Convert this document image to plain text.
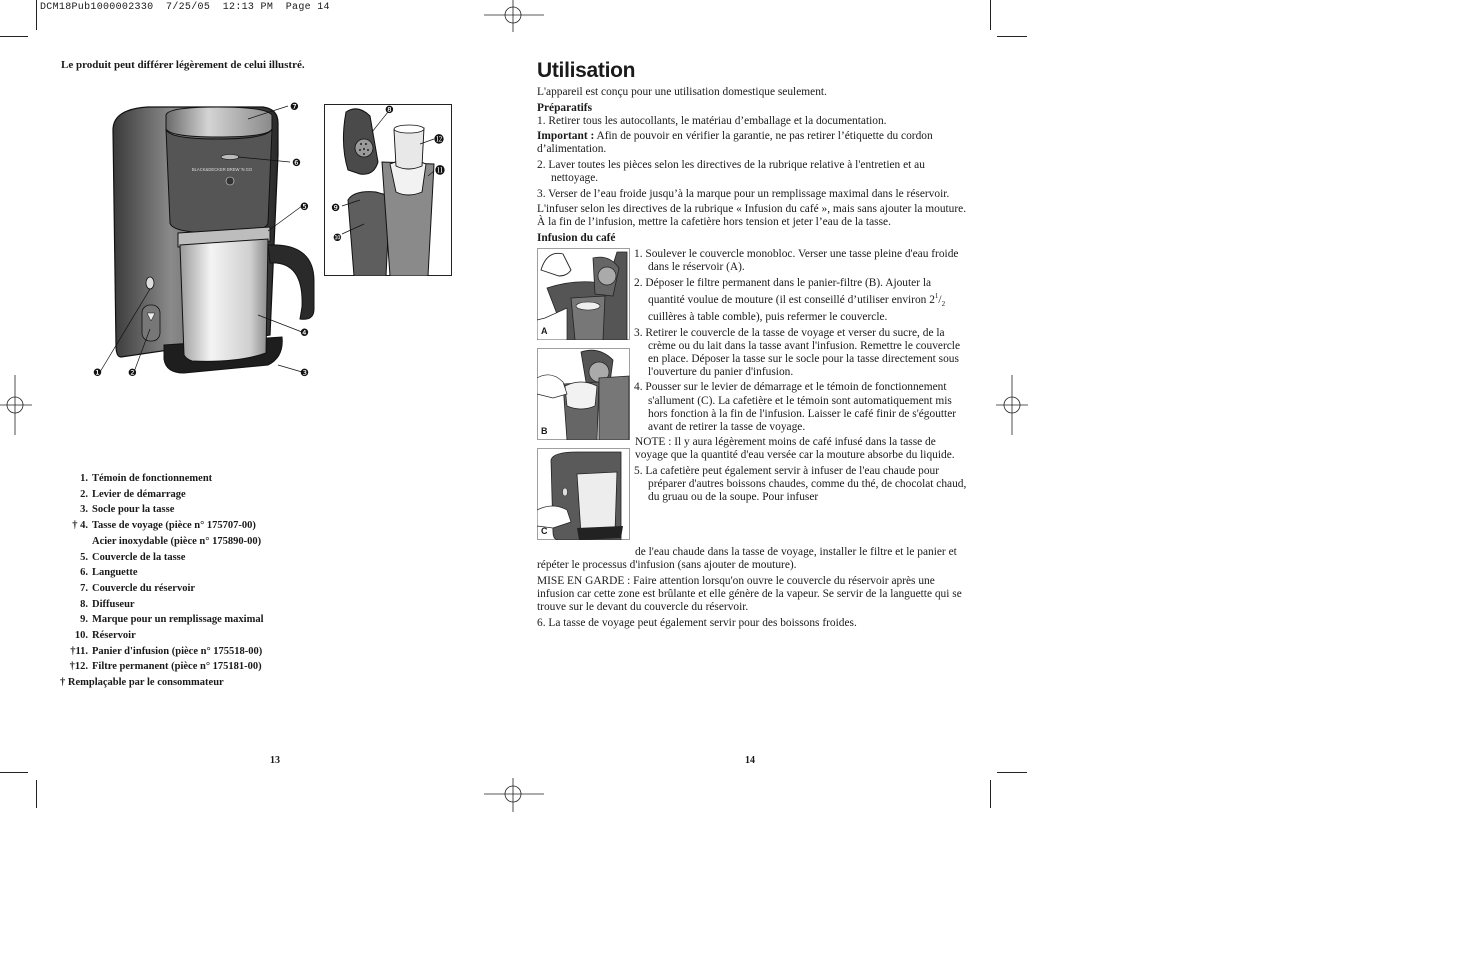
DCM18Pub1000002330  7/25/05  12:13 PM  Page 14
Le produit peut différer légèrement de celui illustré.
BLACK&DECKER BREW 'N GO
❼
❻
❺
❹
❸
❶	❷
❽
⓬
⓫
❾
❿
1. Témoin de fonctionnement
2. Levier de démarrage
3. Socle pour la tasse
† 4. Tasse de voyage (pièce n° 175707-00)
Acier inoxydable (pièce n° 175890-00)
5. Couvercle de la tasse
6. Languette
7. Couvercle du réservoir
8. Diffuseur
9. Marque pour un remplissage maximal
10. Réservoir
†11. Panier d'infusion (pièce n° 175518-00)
†12. Filtre permanent (pièce n° 175181-00)
† Remplaçable par le consommateur
13
Utilisation

L'appareil est conçu pour une utilisation domestique seulement.

Préparatifs

1. Retirer tous les autocollants, le matériau d’emballage et la documentation.

Important : Afin de pouvoir en vérifier la garantie, ne pas retirer l’étiquette du cordon d’alimentation.

2. Laver toutes les pièces selon les directives de la rubrique relative à l'entretien et au nettoyage.

3. Verser de l’eau froide jusqu’à la marque pour un remplissage maximal dans le réservoir.

L'infuser selon les directives de la rubrique « Infusion du café », mais sans ajouter la mouture. À la fin de l’infusion, mettre la cafetière hors tension et jeter l’eau de la tasse.

Infusion du café

A
B
C

1. Soulever le couvercle monobloc. Verser une tasse pleine d'eau froide dans le réservoir (A).

2. Déposer le filtre permanent dans le panier-filtre (B). Ajouter la quantité voulue de mouture (il est conseillé d’utiliser environ $2^1/_2$ cuillères à table comble), puis refermer le couvercle.

3. Retirer le couvercle de la tasse de voyage et verser du sucre, de la crème ou du lait dans la tasse avant l'infusion. Remettre le couvercle en place. Déposer la tasse sur le socle pour la tasse directement sous l'ouverture du panier d'infusion.

4. Pousser sur le levier de démarrage et le témoin de fonctionnement s'allument (C). La cafetière et le témoin sont automatiquement mis hors fonction à la fin de l'infusion. Laisser le café finir de s'égoutter avant de retirer la tasse de voyage.

NOTE : Il y aura légèrement moins de café infusé dans la tasse de voyage que la quantité d'eau versée car la mouture absorbe du liquide.

5. La cafetière peut également servir à infuser de l'eau chaude pour préparer d'autres boissons chaudes, comme du thé, de chocolat chaud, du gruau ou de la soupe. Pour infuser

de l'eau chaude dans la tasse de voyage, installer le filtre et le panier et répéter le processus d'infusion (sans ajouter de mouture).

MISE EN GARDE : Faire attention lorsqu'on ouvre le couvercle du réservoir après une infusion car cette zone est brûlante et elle génère de la vapeur. Se servir de la languette qui se trouve sur le devant du couvercle du réservoir.

6. La tasse de voyage peut également servir pour des boissons froides.

14
